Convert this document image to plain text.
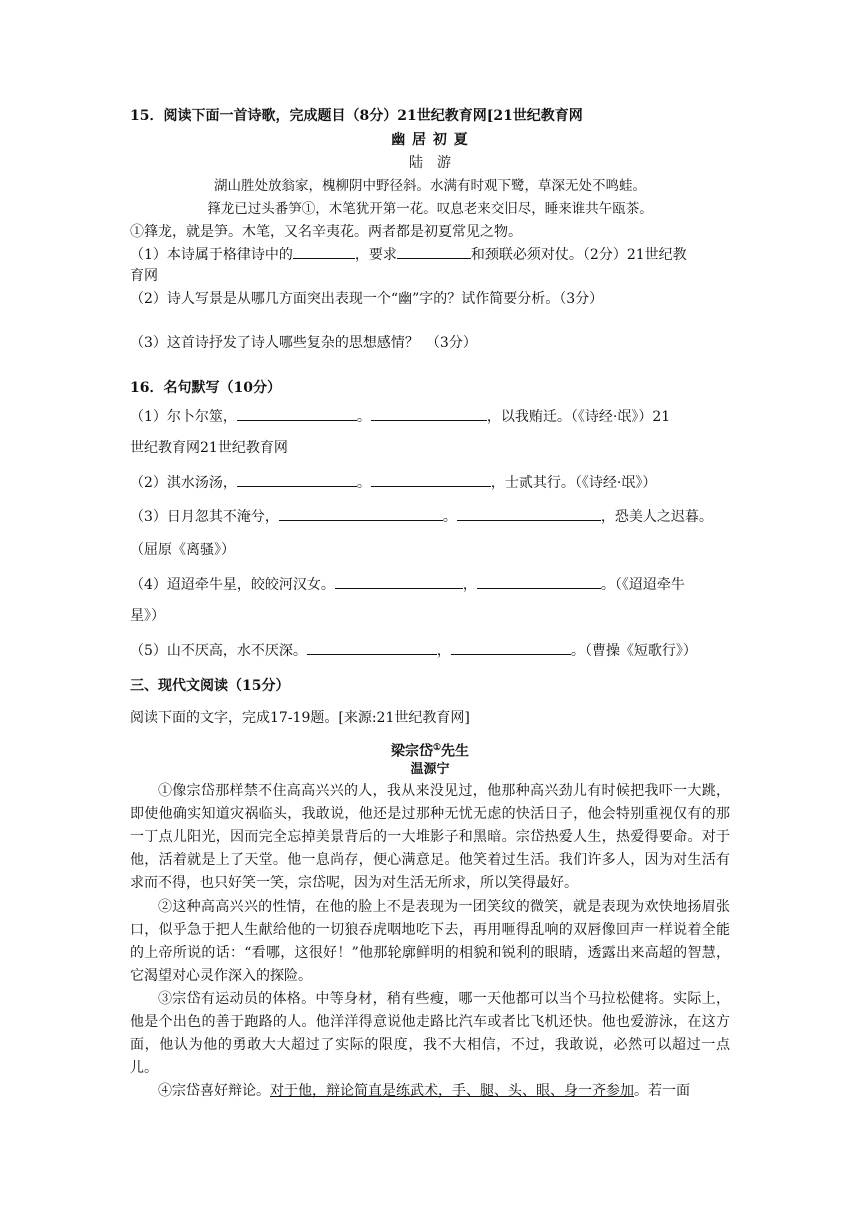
15．阅读下面一首诗歌，完成题目（8分）21世纪教育网[21世纪教育网
幽 居 初 夏
陆　游
湖山胜处放翁家，槐柳阴中野径斜。水满有时观下鹭，草深无处不鸣蛙。
箨龙已过头番笋①，木笔犹开第一花。叹息老来交旧尽，睡来谁共午瓯茶。
①箨龙，就是笋。木笔，又名辛夷花。两者都是初夏常见之物。
（1）本诗属于格律诗中的	，要求	和颈联必须对仗。（2分）21世纪教
育网
（2）诗人写景是从哪几方面突出表现一个“幽”字的？试作简要分析。（3分）
（3）这首诗抒发了诗人哪些复杂的思想感情？　（3分）
16．名句默写（10分）
（1）尔卜尔筮，	。	，以我贿迁。（《诗经·氓》）21
世纪教育网21世纪教育网
（2）淇水汤汤，	。	，士贰其行。（《诗经·氓》）
（3）日月忽其不淹兮，	。	，恐美人之迟暮。
（屈原《离骚》）
（4）迢迢牵牛星，皎皎河汉女。	，	。（《迢迢牵牛
星》）
（5）山不厌高，水不厌深。	，	。（曹操《短歌行》）
三、现代文阅读（15分）
阅读下面的文字，完成17-19题。[来源:21世纪教育网]
梁宗岱①先生
温源宁
①像宗岱那样禁不住高高兴兴的人，我从来没见过，他那种高兴劲儿有时候把我吓一大跳，即使他确实知道灾祸临头，我敢说，他还是过那种无忧无虑的快活日子，他会特别重视仅有的那一丁点儿阳光，因而完全忘掉美景背后的一大堆影子和黑暗。宗岱热爱人生，热爱得要命。对于他，活着就是上了天堂。他一息尚存，便心满意足。他笑着过生活。我们许多人，因为对生活有求而不得，也只好笑一笑，宗岱呢，因为对生活无所求，所以笑得最好。
②这种高高兴兴的性情，在他的脸上不是表现为一团笑纹的微笑，就是表现为欢快地扬眉张口，似乎急于把人生献给他的一切狼吞虎咽地吃下去，再用咂得乱响的双唇像回声一样说着全能的上帝所说的话：“看哪，这很好！”他那轮廓鲜明的相貌和锐利的眼睛，透露出来高超的智慧，它渴望对心灵作深入的探险。
③宗岱有运动员的体格。中等身材，稍有些瘦，哪一天他都可以当个马拉松健将。实际上，他是个出色的善于跑路的人。他洋洋得意说他走路比汽车或者比飞机还快。他也爱游泳，在这方面，他认为他的勇敢大大超过了实际的限度，我不大相信，不过，我敢说，必然可以超过一点儿。
④宗岱喜好辩论。对于他，辩论简直是练武术，手、腿、头、眼、身一齐参加。若一面
